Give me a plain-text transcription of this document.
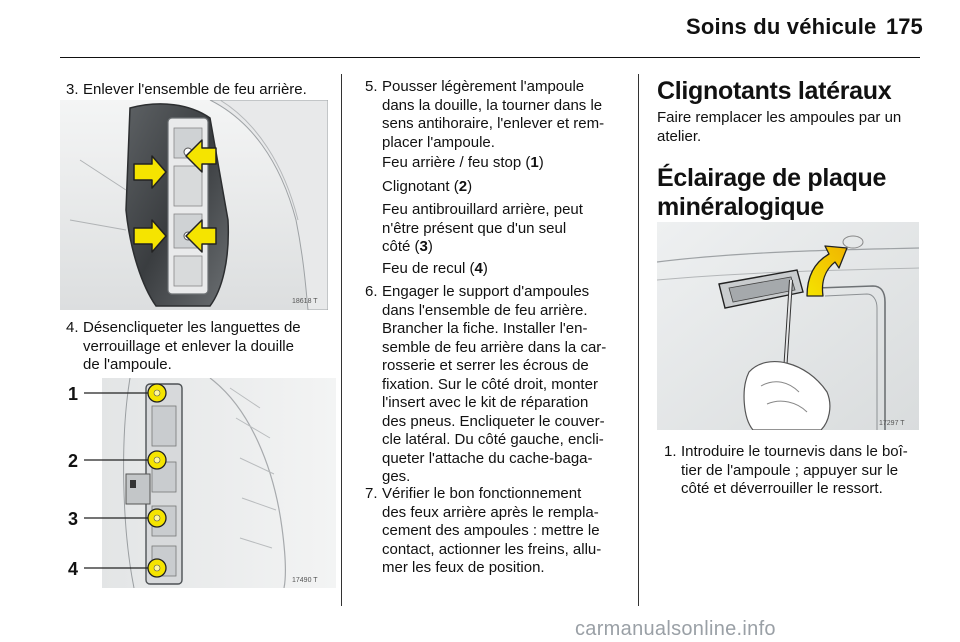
Soins du véhicule 175
3. Enlever l'ensemble de feu arrière.
18618 T
4. Désencliqueter les languettes de
verrouillage et enlever la douille
de l'ampoule.
1
2
3
4
17490 T
5. Pousser légèrement l'ampoule
dans la douille, la tourner dans le
sens antihoraire, l'enlever et rem-
placer l'ampoule.
Feu arrière / feu stop (1)
Clignotant (2)
Feu antibrouillard arrière, peut
n'être présent que d'un seul
côté (3)
Feu de recul (4)
6. Engager le support d'ampoules
dans l'ensemble de feu arrière.
Brancher la fiche. Installer l'en-
semble de feu arrière dans la car-
rosserie et serrer les écrous de
fixation. Sur le côté droit, monter
l'insert avec le kit de réparation
des pneus. Encliqueter le couver-
cle latéral. Du côté gauche, encli-
queter l'attache du cache-baga-
ges.
7. Vérifier le bon fonctionnement
des feux arrière après le rempla-
cement des ampoules : mettre le
contact, actionner les freins, allu-
mer les feux de position.
Clignotants latéraux
Faire remplacer les ampoules par un
atelier.
Éclairage de plaque
minéralogique
17297 T
1. Introduire le tournevis dans le boî-
tier de l'ampoule ; appuyer sur le
côté et déverrouiller le ressort.
carmanualsonline.info
